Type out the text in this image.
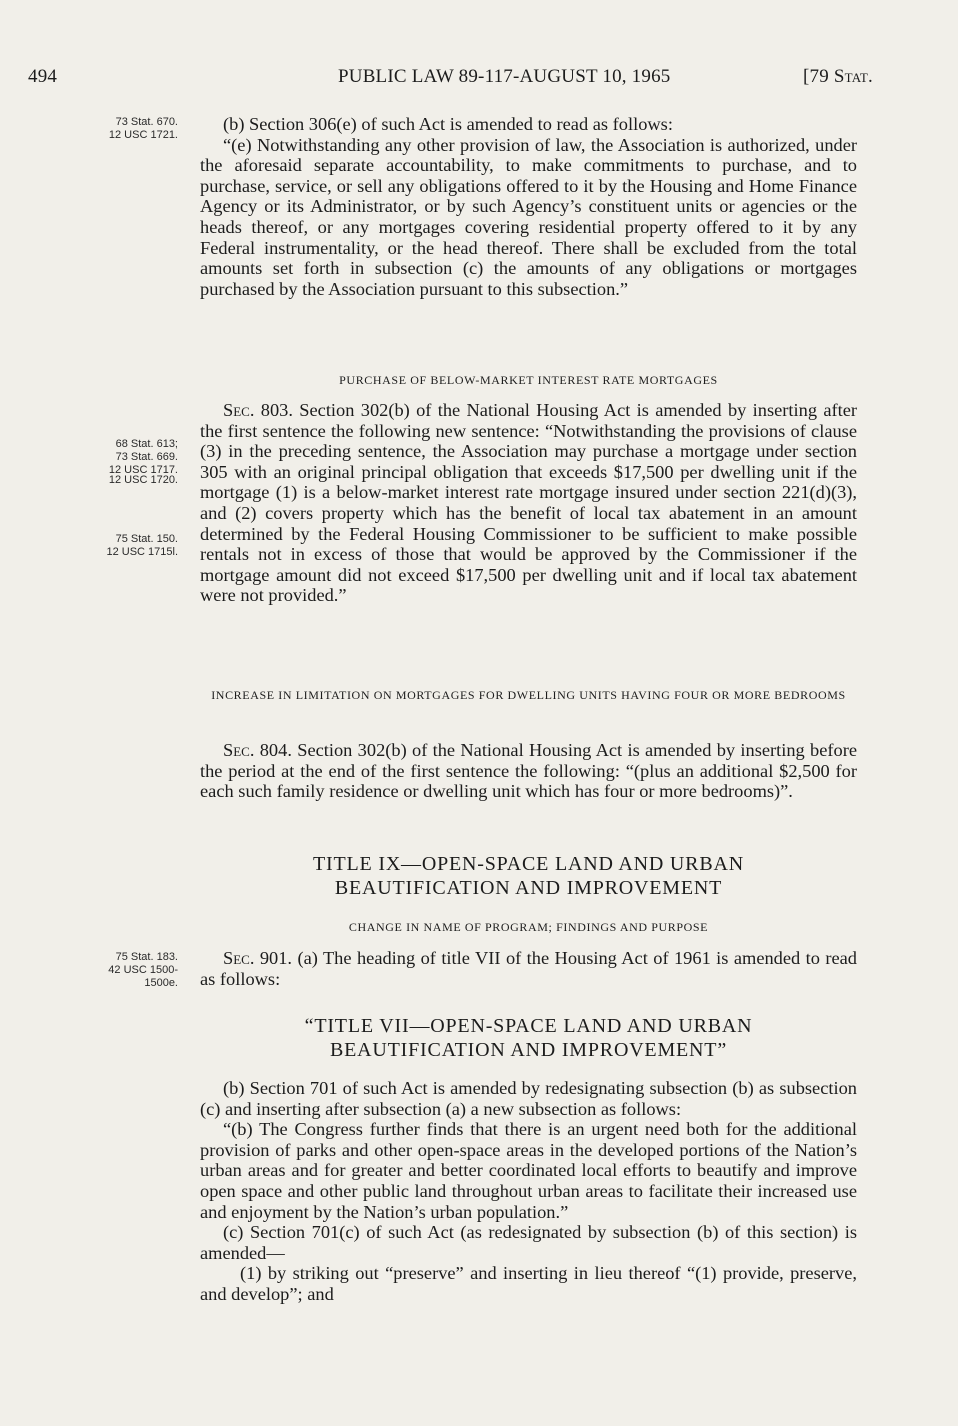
494	PUBLIC LAW 89-117-AUGUST 10, 1965	[79 Stat.
73 Stat. 670.
12 USC 1721.
68 Stat. 613;
73 Stat. 669.
12 USC 1717.
12 USC 1720.
75 Stat. 150.
12 USC 1715l.
75 Stat. 183.
42 USC 1500-
1500e.

(b) Section 306(e) of such Act is amended to read as follows:

“(e) Notwithstanding any other provision of law, the Association is authorized, under the aforesaid separate accountability, to make commitments to purchase, and to purchase, service, or sell any obligations offered to it by the Housing and Home Finance Agency or its Administrator, or by such Agency’s constituent units or agencies or the heads thereof, or any mortgages covering residential property offered to it by any Federal instrumentality, or the head thereof. There shall be excluded from the total amounts set forth in subsection (c) the amounts of any obligations or mortgages purchased by the Association pursuant to this subsection.”

PURCHASE OF BELOW-MARKET INTEREST RATE MORTGAGES

Sec. 803. Section 302(b) of the National Housing Act is amended by inserting after the first sentence the following new sentence: “Notwithstanding the provisions of clause (3) in the preceding sentence, the Association may purchase a mortgage under section 305 with an original principal obligation that exceeds $17,500 per dwelling unit if the mortgage (1) is a below-market interest rate mortgage insured under section 221(d)(3), and (2) covers property which has the benefit of local tax abatement in an amount determined by the Federal Housing Commissioner to be sufficient to make possible rentals not in excess of those that would be approved by the Commissioner if the mortgage amount did not exceed $17,500 per dwelling unit and if local tax abatement were not provided.”

INCREASE IN LIMITATION ON MORTGAGES FOR DWELLING UNITS HAVING FOUR OR MORE BEDROOMS

Sec. 804. Section 302(b) of the National Housing Act is amended by inserting before the period at the end of the first sentence the following: “(plus an additional $2,500 for each such family residence or dwelling unit which has four or more bedrooms)”.

TITLE IX—OPEN-SPACE LAND AND URBAN
BEAUTIFICATION AND IMPROVEMENT
CHANGE IN NAME OF PROGRAM; FINDINGS AND PURPOSE

Sec. 901. (a) The heading of title VII of the Housing Act of 1961 is amended to read as follows:

“TITLE VII—OPEN-SPACE LAND AND URBAN
BEAUTIFICATION AND IMPROVEMENT”

(b) Section 701 of such Act is amended by redesignating subsection (b) as subsection (c) and inserting after subsection (a) a new subsection as follows:

“(b) The Congress further finds that there is an urgent need both for the additional provision of parks and other open-space areas in the developed portions of the Nation’s urban areas and for greater and better coordinated local efforts to beautify and improve open space and other public land throughout urban areas to facilitate their increased use and enjoyment by the Nation’s urban population.”

(c) Section 701(c) of such Act (as redesignated by subsection (b) of this section) is amended—

(1) by striking out “preserve” and inserting in lieu thereof “(1) provide, preserve, and develop”; and
